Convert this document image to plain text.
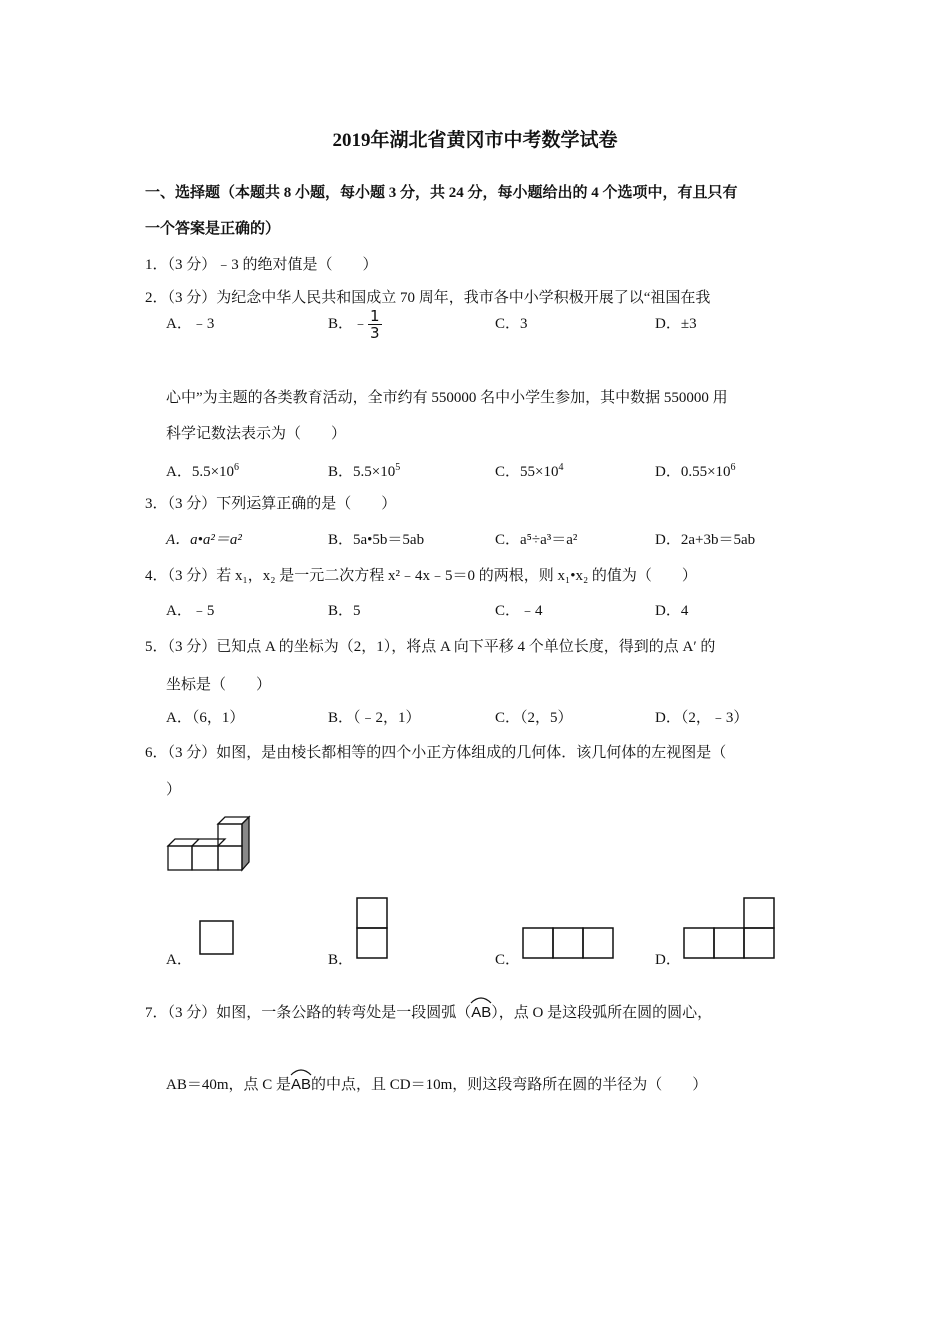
2019年湖北省黄冈市中考数学试卷
一、选择题（本题共 8 小题，每小题 3 分，共 24 分，每小题给出的 4 个选项中，有且只有
一个答案是正确的）
1．（3 分）﹣3 的绝对值是（　　）
A．﹣3	B．﹣ $\frac{1}{3}$	C．3	D．±3
2．（3 分）为纪念中华人民共和国成立 70 周年，我市各中小学积极开展了以“祖国在我
心中”为主题的各类教育活动，全市约有 550000 名中小学生参加，其中数据 550000 用
科学记数法表示为（　　）
A．$5.5\times 10^6$	B．$5.5\times 10^5$	C．$55\times 10^4$	D．$0.55\times 10^6$
3．（3 分）下列运算正确的是（　　）
A．a•a²＝a²	B．5a•5b＝5ab	C．a⁵÷a³＝a²	D．2a+3b＝5ab
4．（3 分）若 x₁，x₂ 是一元二次方程 x²﹣4x﹣5＝0 的两根，则 x₁•x₂ 的值为（　　）
A．﹣5	B．5	C．﹣4	D．4
5．（3 分）已知点 A 的坐标为（2，1），将点 A 向下平移 4 个单位长度，得到的点 A′ 的
坐标是（　　）
A．（6，1）	B．（﹣2，1）	C．（2，5）	D．（2，﹣3）
6．（3 分）如图，是由棱长都相等的四个小正方体组成的几何体．该几何体的左视图是（
）
A．	B．	C．	D．
7．（3 分）如图，一条公路的转弯处是一段圆弧（
AB），点 O 是这段弧所在圆的圆心，
AB＝40m，点 C 是
AB的中点，且 CD＝10m，则这段弯路所在圆的半径为（　　）
